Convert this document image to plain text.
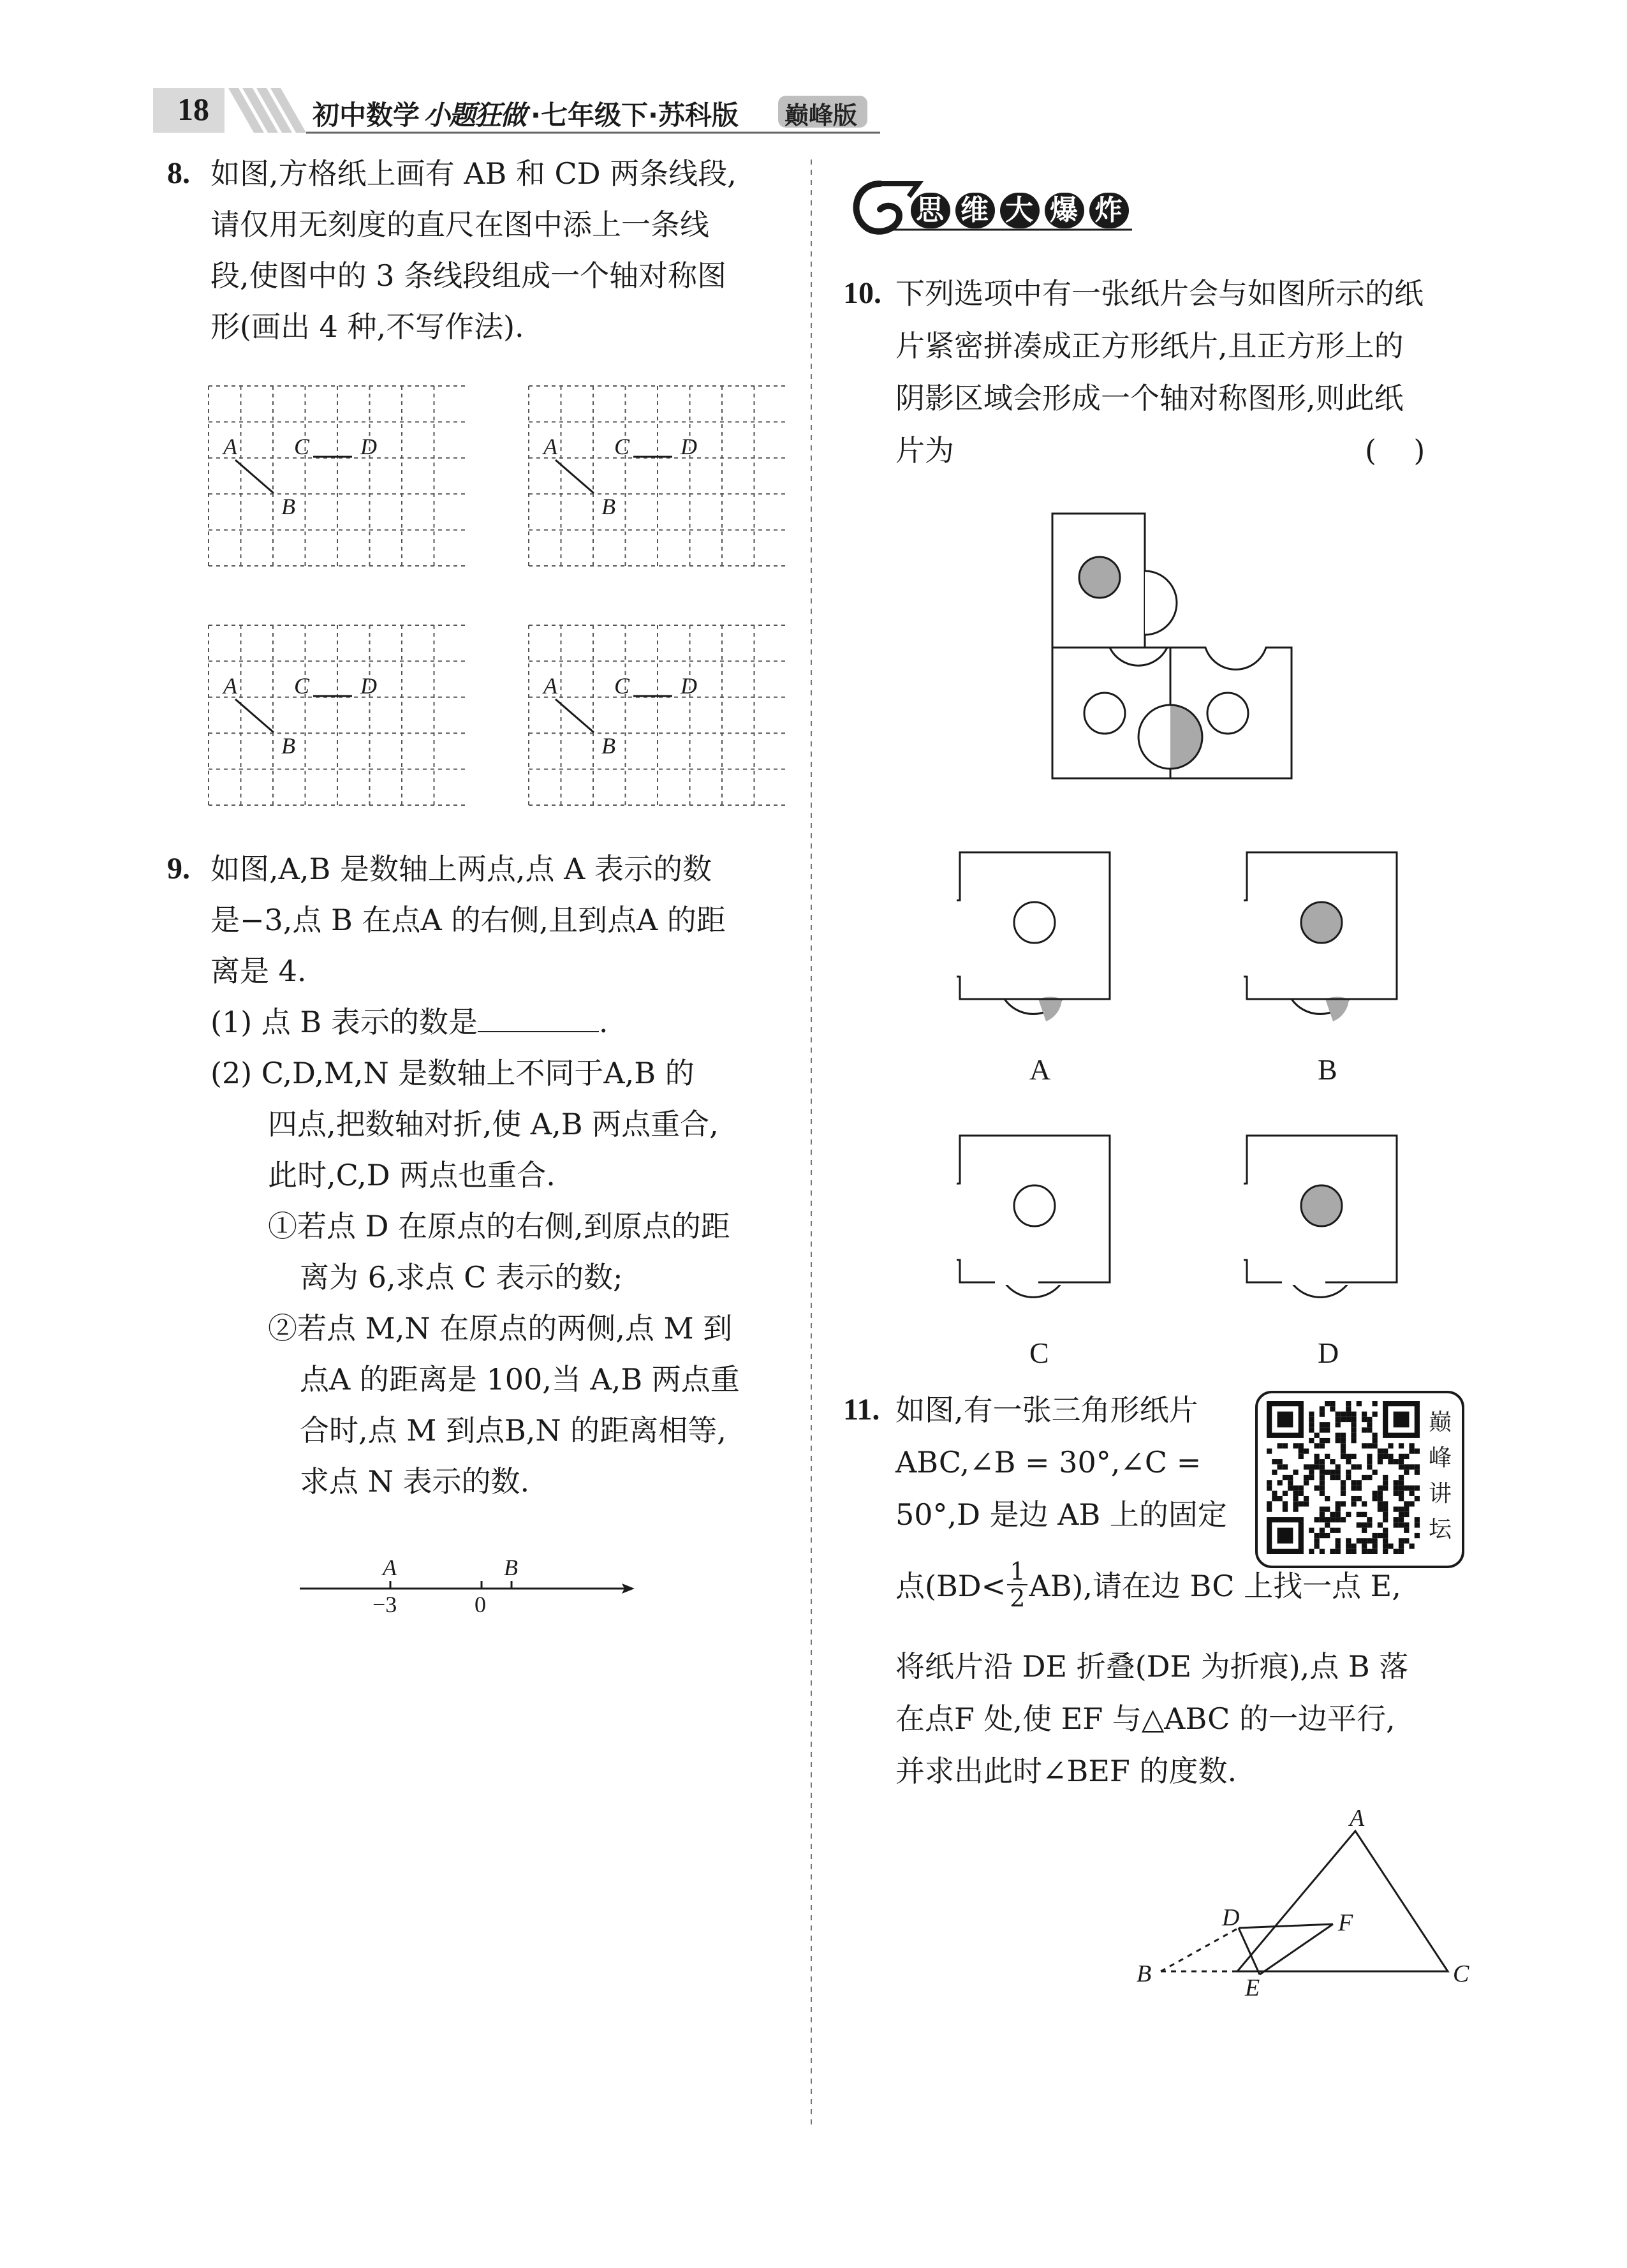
18	初中数学 小题狂做 ·七年级下·苏科版 巅峰版
8. 如图,方格纸上画有 AB 和 CD 两条线段,
请仅用无刻度的直尺在图中添上一条线
段,使图中的 3 条线段组成一个轴对称图
形(画出 4 种,不写作法).
A C D
B
A C D
B
A C D
B
A C D
B
9. 如图,A,B 是数轴上两点,点 A 表示的数
是−3,点 B 在点A 的右侧,且到点A 的距
离是 4.
(1) 点 B 表示的数是	.
(2) C,D,M,N 是数轴上不同于A,B 的
四点,把数轴对折,使 A,B 两点重合,
此时,C,D 两点也重合.
①若点 D 在原点的右侧,到原点的距
离为 6,求点 C 表示的数;
②若点 M,N 在原点的两侧,点 M 到
点A 的距离是 100,当 A,B 两点重
合时,点 M 到点B,N 的距离相等,
求点 N 表示的数.
A	B
−3	0
思维大爆炸
10. 下列选项中有一张纸片会与如图所示的纸
片紧密拼凑成正方形纸片,且正方形上的
阴影区域会形成一个轴对称图形,则此纸
片为	(    )
A	B
C	D
11. 如图,有一张三角形纸片
ABC,∠B = 30°,∠C =
50°,D 是边 AB 上的固定
点$(BD< \frac{1}{2} AB)$,请在边 BC 上找一点 E,
将纸片沿 DE 折叠(DE 为折痕),点 B 落
在点F 处,使 EF 与△ABC 的一边平行,
并求出此时∠BEF 的度数.
巅
峰
讲
坛
A
B	C
D
E
F
